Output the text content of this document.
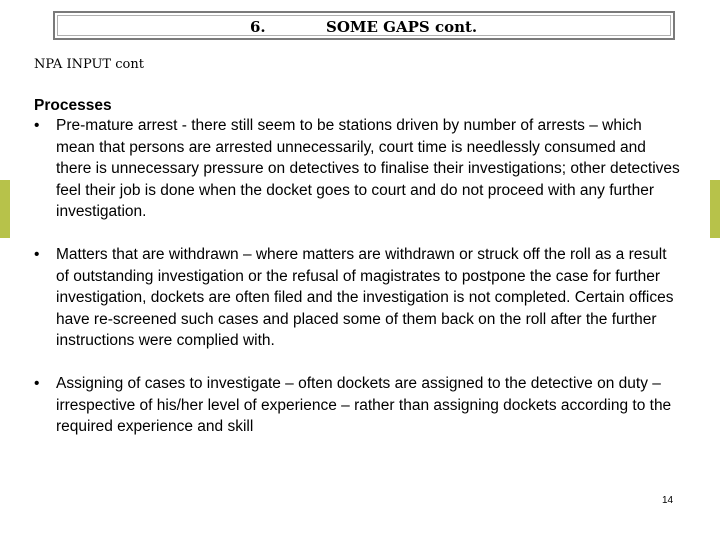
6.	SOME GAPS cont.
NPA INPUT cont
Processes
• Pre-mature arrest - there still seem to be stations driven by number of arrests – which mean that persons are arrested unnecessarily, court time is needlessly consumed and there is unnecessary pressure on detectives to finalise their investigations; other detectives feel their job is done when the docket goes to court and do not proceed with any further investigation.
• Matters that are withdrawn – where matters are withdrawn or struck off the roll as a result of outstanding investigation or the refusal of magistrates to postpone the case for further investigation, dockets are often filed and the investigation is not completed. Certain offices have re-screened such cases and placed some of them back on the roll after the further instructions were complied with.
• Assigning of cases to investigate – often dockets are assigned to the detective on duty – irrespective of his/her level of experience – rather than assigning dockets according to the required experience and skill
14
